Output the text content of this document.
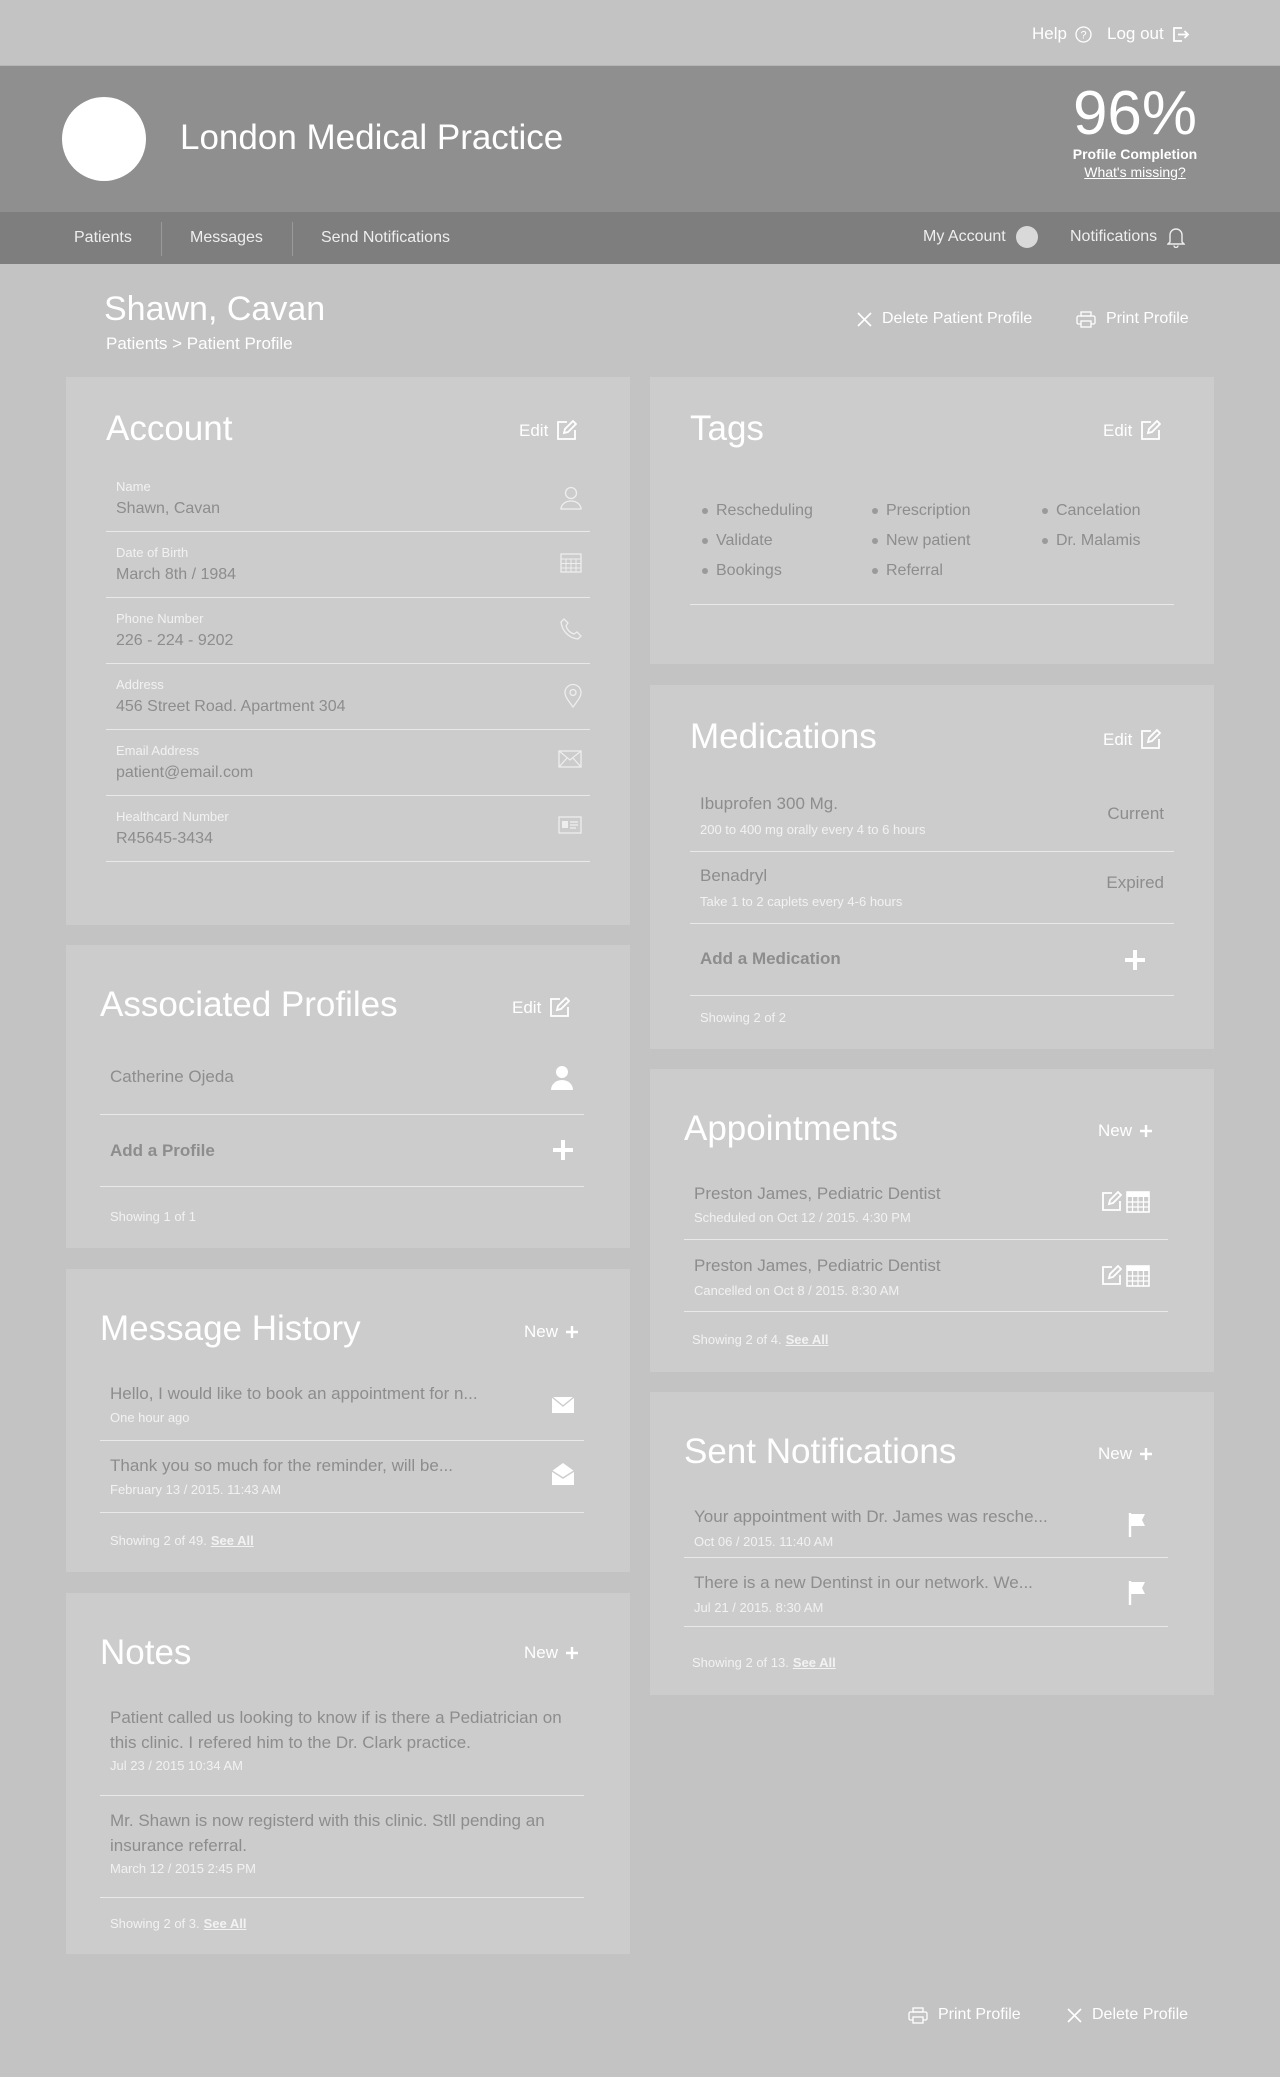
Help ? Log out
London Medical Practice	96%
Profile Completion
What's missing?
Patients	Messages	Send Notifications	My Account	Notifications
Shawn, Cavan
Patients > Patient Profile
Delete Patient Profile	Print Profile
Account	Edit
Name
Shawn, Cavan
Date of Birth
March 8th / 1984
Phone Number
226 - 224 - 9202
Address
456 Street Road. Apartment 304
Email Address
patient@email.com
Healthcard Number
R45645-3434
Associated Profiles	Edit
Catherine Ojeda
Add a Profile
Showing 1 of 1
Message History	New
Hello, I would like to book an appointment for n...
One hour ago
Thank you so much for the reminder, will be...
February 13 / 2015. 11:43 AM
Showing 2 of 49. See All
Notes	New
Patient called us looking to know if is there a Pediatrician on this clinic. I refered him to the Dr. Clark practice.
Jul 23 / 2015 10:34 AM
Mr. Shawn is now registerd with this clinic. Stll pending an insurance referral.
March 12 / 2015 2:45 PM
Showing 2 of 3. See All
Tags	Edit
Rescheduling
Validate
Bookings
Prescription
New patient
Referral
Cancelation
Dr. Malamis
Medications	Edit
Ibuprofen 300 Mg.
200 to 400 mg orally every 4 to 6 hours
Current
Benadryl
Take 1 to 2 caplets every 4-6 hours
Expired
Add a Medication
Showing 2 of 2
Appointments	New
Preston James, Pediatric Dentist
Scheduled on Oct 12 / 2015. 4:30 PM
Preston James, Pediatric Dentist
Cancelled on Oct 8 / 2015. 8:30 AM
Showing 2 of 4. See All
Sent Notifications	New
Your appointment with Dr. James was resche...
Oct 06 / 2015. 11:40 AM
There is a new Dentinst in our network. We...
Jul 21 / 2015. 8:30 AM
Showing 2 of 13. See All
Print Profile	Delete Profile
